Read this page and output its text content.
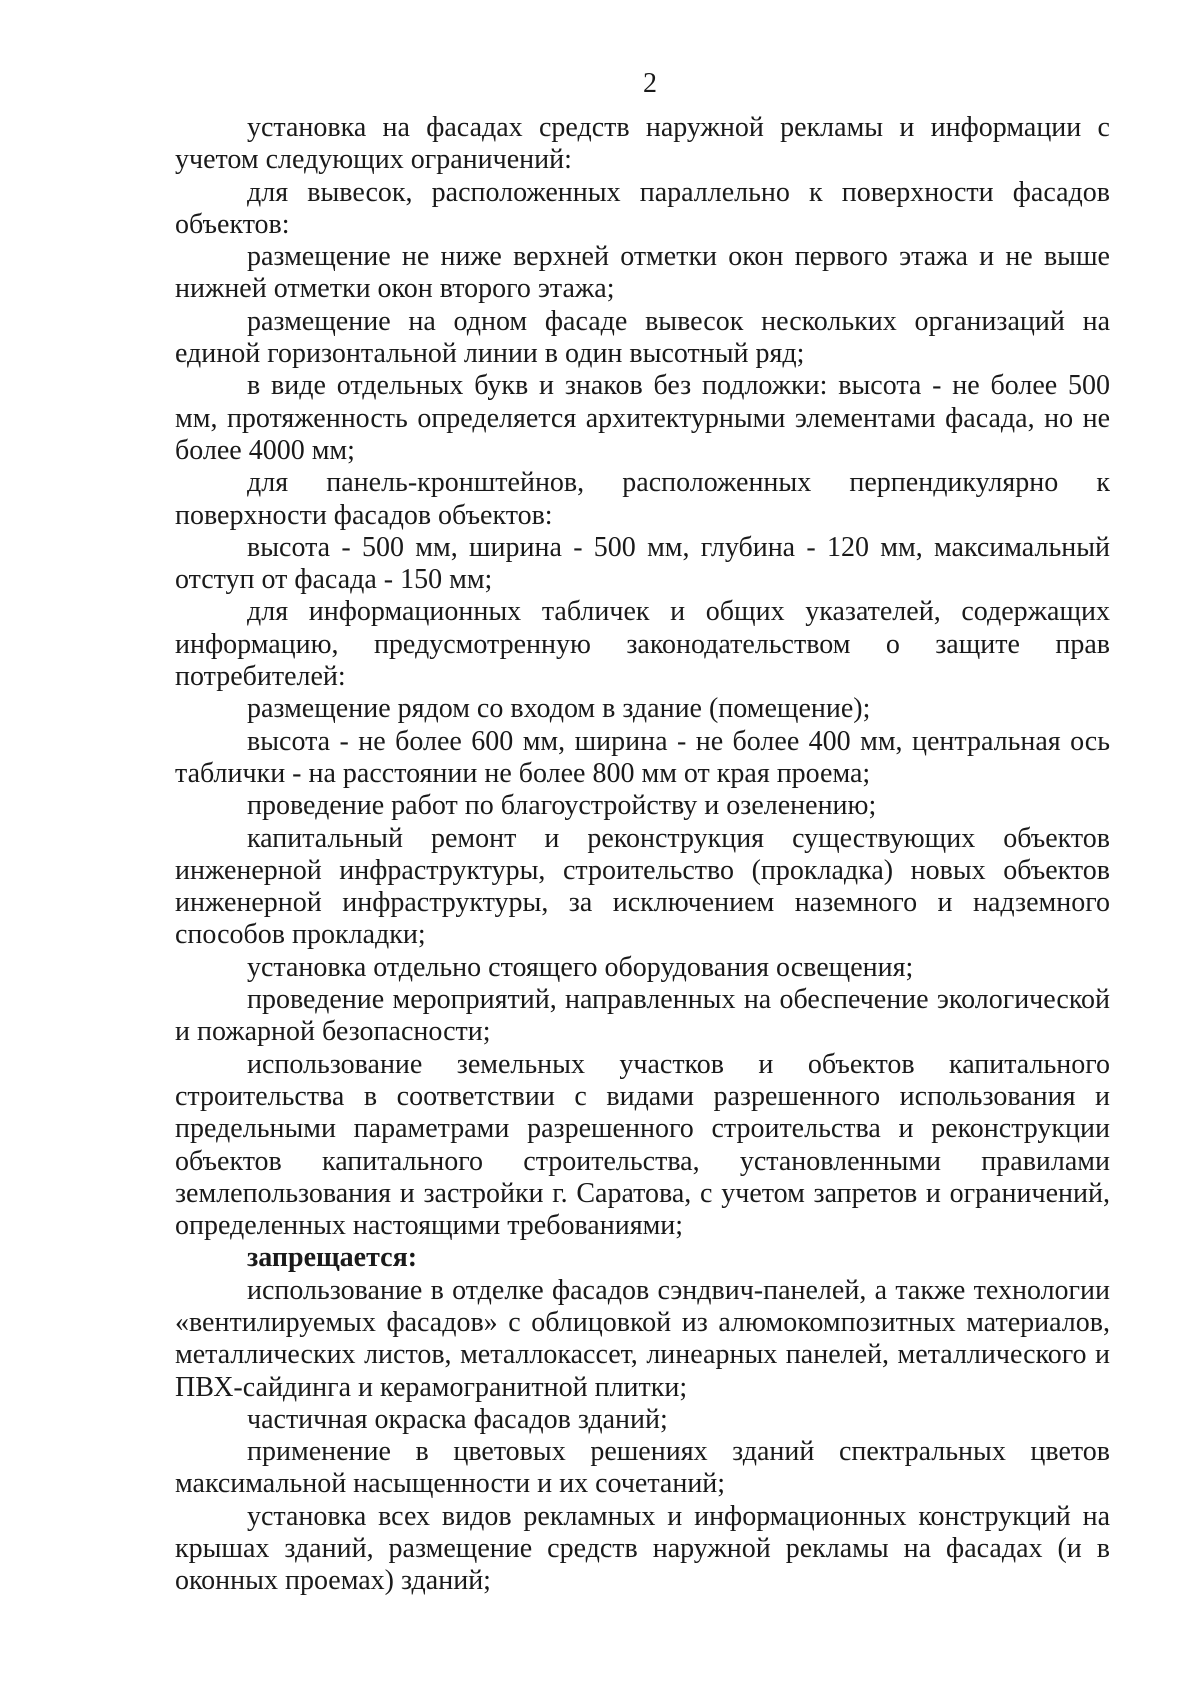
2

установка на фасадах средств наружной рекламы и информации с учетом следующих ограничений:

для вывесок, расположенных параллельно к поверхности фасадов объектов:

размещение не ниже верхней отметки окон первого этажа и не выше нижней отметки окон второго этажа;

размещение на одном фасаде вывесок нескольких организаций на единой горизонтальной линии в один высотный ряд;

в виде отдельных букв и знаков без подложки: высота - не более 500 мм, протяженность определяется архитектурными элементами фасада, но не более 4000 мм;

для панель-кронштейнов, расположенных перпендикулярно к поверхности фасадов объектов:

высота - 500 мм, ширина - 500 мм, глубина - 120 мм, максимальный отступ от фасада - 150 мм;

для информационных табличек и общих указателей, содержащих информацию, предусмотренную законодательством о защите прав потребителей:

размещение рядом со входом в здание (помещение);

высота - не более 600 мм, ширина - не более 400 мм, центральная ось таблички - на расстоянии не более 800 мм от края проема;

проведение работ по благоустройству и озеленению;

капитальный ремонт и реконструкция существующих объектов инженерной инфраструктуры, строительство (прокладка) новых объектов инженерной инфраструктуры, за исключением наземного и надземного способов прокладки;

установка отдельно стоящего оборудования освещения;

проведение мероприятий, направленных на обеспечение экологической и пожарной безопасности;

использование земельных участков и объектов капитального строительства в соответствии с видами разрешенного использования и предельными параметрами разрешенного строительства и реконструкции объектов капитального строительства, установленными правилами землепользования и застройки г. Саратова, с учетом запретов и ограничений, определенных настоящими требованиями;

запрещается:

использование в отделке фасадов сэндвич-панелей, а также технологии «вентилируемых фасадов» с облицовкой из алюмокомпозитных материалов, металлических листов, металлокассет, линеарных панелей, металлического и ПВХ-сайдинга и керамогранитной плитки;

частичная окраска фасадов зданий;

применение в цветовых решениях зданий спектральных цветов максимальной насыщенности и их сочетаний;

установка всех видов рекламных и информационных конструкций на крышах зданий, размещение средств наружной рекламы на фасадах (и в оконных проемах) зданий;
